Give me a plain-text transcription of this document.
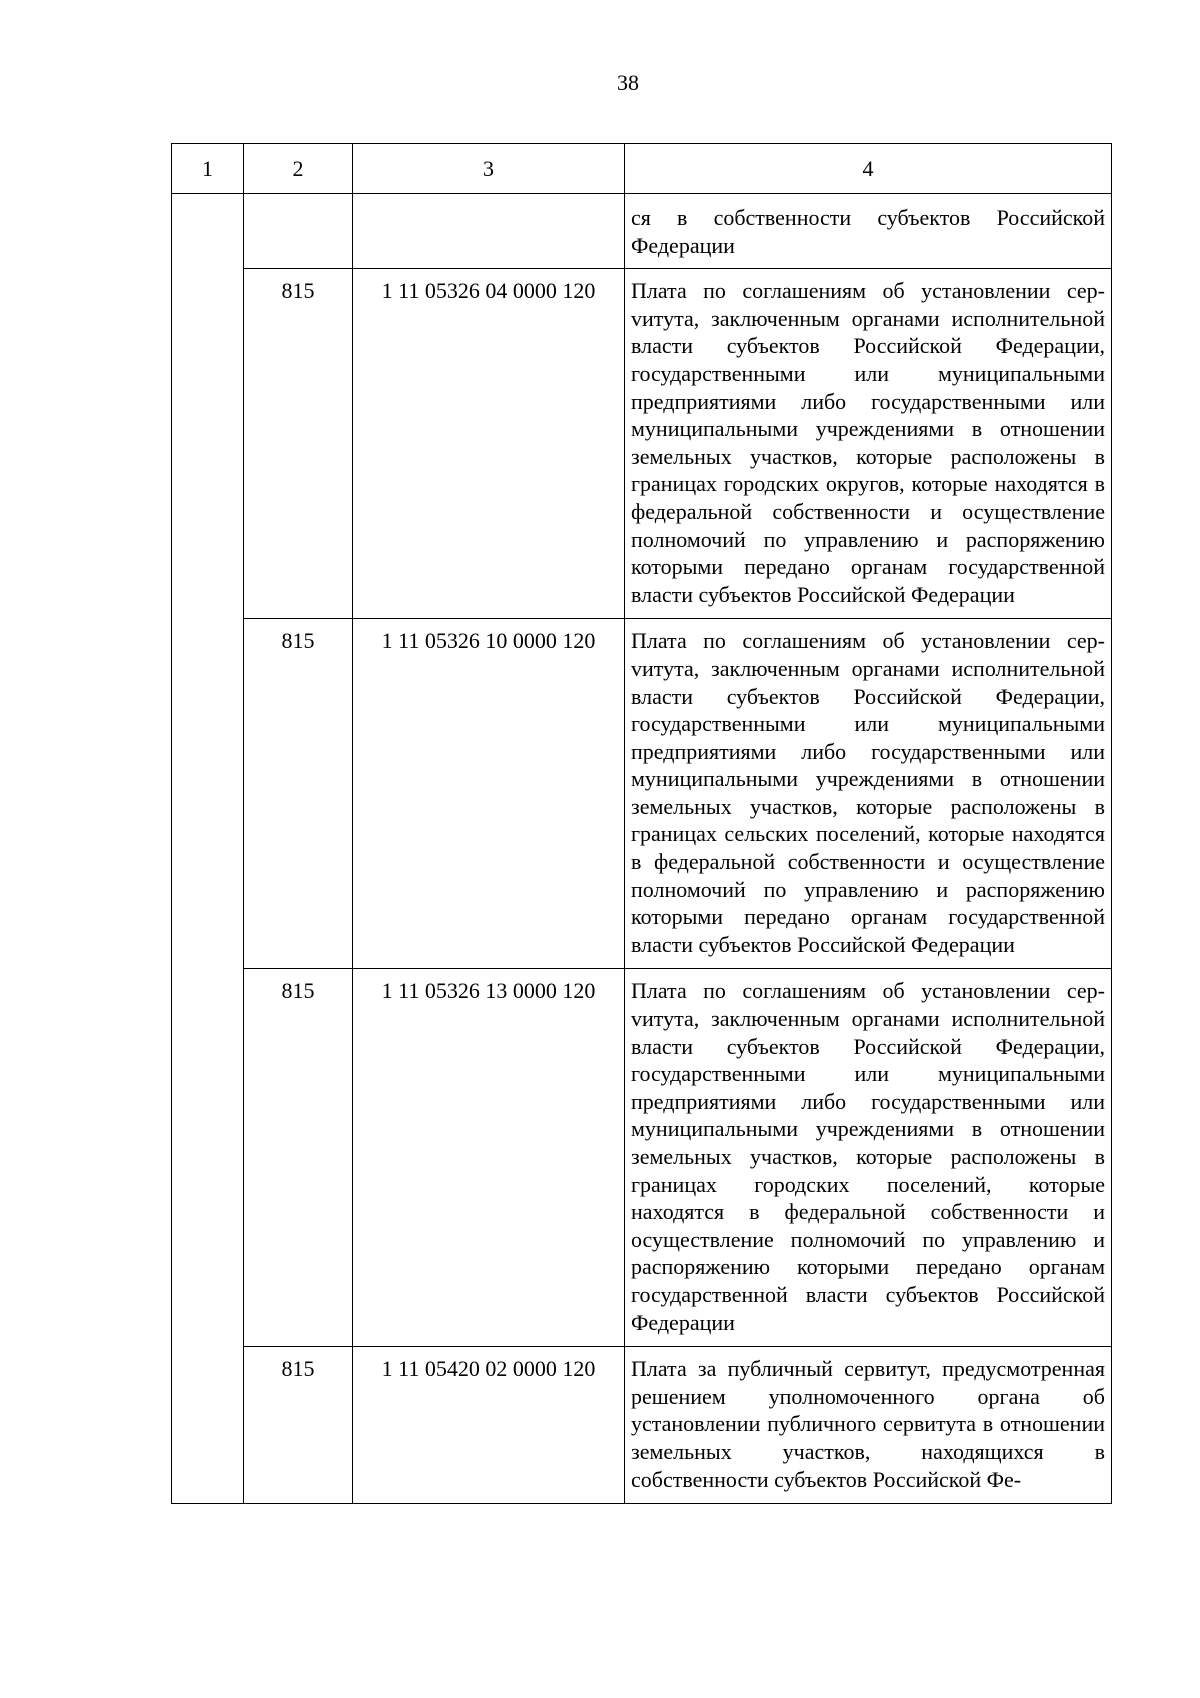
38
1	2	3	4
			ся в собственности субъектов Российской Федерации
	815	1 11 05326 04 0000 120	Плата по соглашениям об установлении серvитута, заключенным органами исполнительной власти субъектов Российской Федерации, государственными или муниципальными предприятиями либо государственными или муниципальными учреждениями в отношении земельных участков, которые расположены в границах городских округов, которые находятся в федеральной собственности и осуществление полномочий по управлению и распоряжению которыми передано органам государственной власти субъектов Российской Федерации
	815	1 11 05326 10 0000 120	Плата по соглашениям об установлении серvитута, заключенным органами исполнительной власти субъектов Российской Федерации, государственными или муниципальными предприятиями либо государственными или муниципальными учреждениями в отношении земельных участков, которые расположены в границах сельских поселений, которые находятся в федеральной собственности и осуществление полномочий по управлению и распоряжению которыми передано органам государственной власти субъектов Российской Федерации
	815	1 11 05326 13 0000 120	Плата по соглашениям об установлении серvитута, заключенным органами исполнительной власти субъектов Российской Федерации, государственными или муниципальными предприятиями либо государственными или муниципальными учреждениями в отношении земельных участков, которые расположены в границах городских поселений, которые находятся в федеральной собственности и осуществление полномочий по управлению и распоряжению которыми передано органам государственной власти субъектов Российской Федерации
	815	1 11 05420 02 0000 120	Плата за публичный сервитут, предусмотренная решением уполномоченного органа об установлении публичного сервитута в отношении земельных участков, находящихся в собственности субъектов Российской Фе-
